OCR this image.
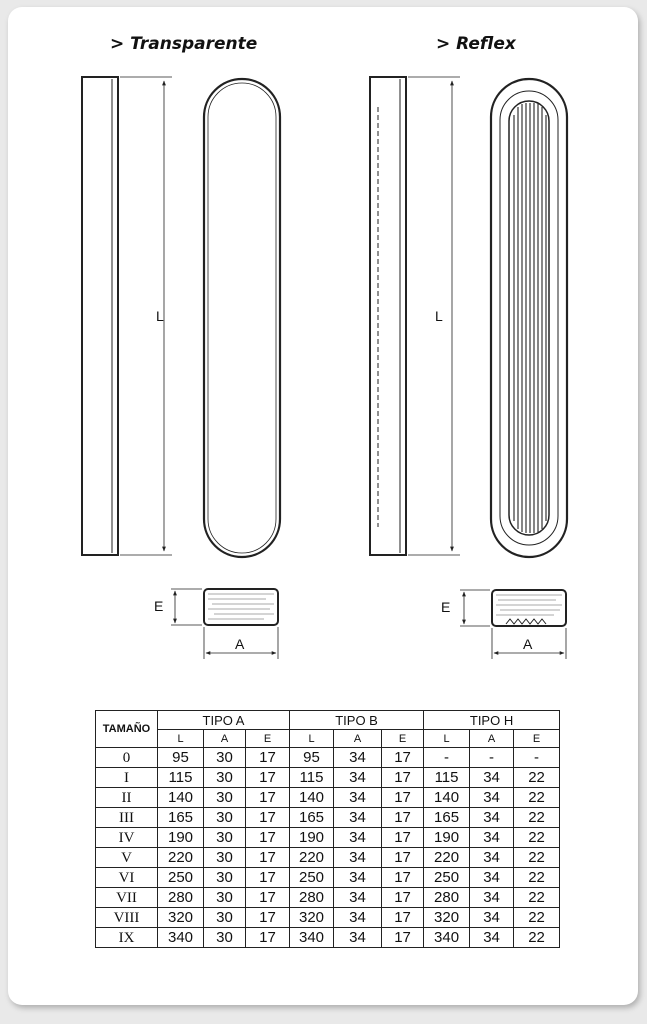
> Transparente	> Reflex
L
E
A
L
E
A
TAMAÑO	TIPO A			TIPO B			TIPO H		
	L	A	E	L	A	E	L	A	E
0	95	30	17	95	34	17	-	-	-
I	115	30	17	115	34	17	115	34	22
II	140	30	17	140	34	17	140	34	22
III	165	30	17	165	34	17	165	34	22
IV	190	30	17	190	34	17	190	34	22
V	220	30	17	220	34	17	220	34	22
VI	250	30	17	250	34	17	250	34	22
VII	280	30	17	280	34	17	280	34	22
VIII	320	30	17	320	34	17	320	34	22
IX	340	30	17	340	34	17	340	34	22
